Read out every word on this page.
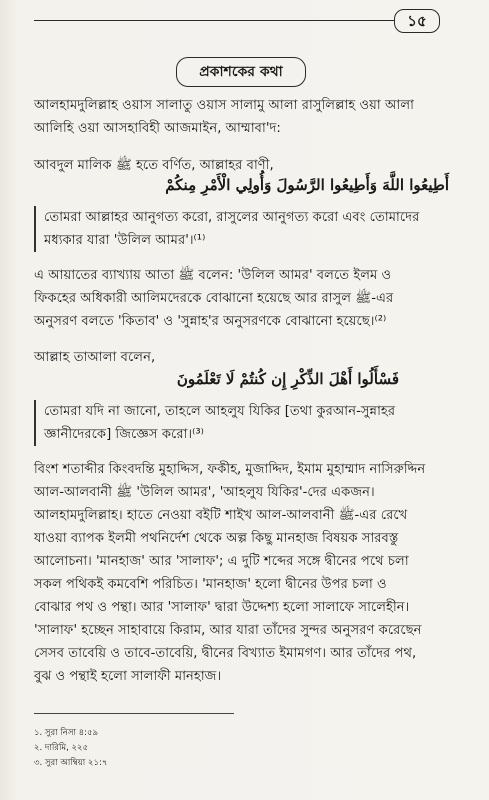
১৫
প্রকাশকের কথা
আলহামদুলিল্লাহ ওয়াস সালাতু ওয়াস সালামু আলা রাসুলিল্লাহ ওয়া আলা
আলিহি ওয়া আসহাবিহী আজমাইন, আম্মাবা'দ:
আবদুল মালিক ﷺ হতে বর্ণিত, আল্লাহর বাণী,
أَطِيعُوا اللَّهَ وَأَطِيعُوا الرَّسُولَ وَأُولِي الْأَمْرِ مِنكُمْ
তোমরা আল্লাহর আনুগত্য করো, রাসুলের আনুগত্য করো এবং তোমাদের
মধ্যকার যারা 'উলিল আমর'।⁽¹⁾
এ আয়াতের ব্যাখ্যায় আতা ﷺ বলেন: 'উলিল আমর' বলতে ইলম ও
ফিকহের অধিকারী আলিমদেরকে বোঝানো হয়েছে আর রাসুল ﷺ-এর
অনুসরণ বলতে 'কিতাব' ও 'সুন্নাহ'র অনুসরণকে বোঝানো হয়েছে।⁽²⁾
আল্লাহ তাআলা বলেন,
فَسْأَلُوا أَهْلَ الذِّكْرِ إِن كُنتُمْ لَا تَعْلَمُونَ
তোমরা যদি না জানো, তাহলে আহলুয যিকির [তথা কুরআন-সুন্নাহর
জ্ঞানীদেরকে] জিজ্ঞেস করো।⁽³⁾
বিংশ শতাব্দীর কিংবদন্তি মুহাদ্দিস, ফকীহ, মুজাদ্দিদ, ইমাম মুহাম্মাদ নাসিরুদ্দিন
আল-আলবানী ﷺ 'উলিল আমর', 'আহলুয যিকির'-দের একজন।
আলহামদুলিল্লাহ। হাতে নেওয়া বইটি শাইখ আল-আলবানী ﷺ-এর রেখে
যাওয়া ব্যাপক ইলমী পথনির্দেশ থেকে অল্প কিছু মানহাজ বিষয়ক সারবস্তু
আলোচনা। 'মানহাজ' আর 'সালাফ'; এ দুটি শব্দের সঙ্গে দ্বীনের পথে চলা
সকল পথিকই কমবেশি পরিচিত। 'মানহাজ' হলো দ্বীনের উপর চলা ও
বোঝার পথ ও পন্থা। আর 'সালাফ' দ্বারা উদ্দেশ্য হলো সালাফে সালেহীন।
'সালাফ' হচ্ছেন সাহাবায়ে কিরাম, আর যারা তাঁদের সুন্দর অনুসরণ করেছেন
সেসব তাবেয়ি ও তাবে-তাবেয়ি, দ্বীনের বিখ্যাত ইমামগণ। আর তাঁদের পথ,
বুঝ ও পন্থাই হলো সালাফী মানহাজ।
১. সুরা নিসা ৪:৫৯
২. দারিমি, ২২৫
৩. সুরা আম্বিয়া ২১:৭
